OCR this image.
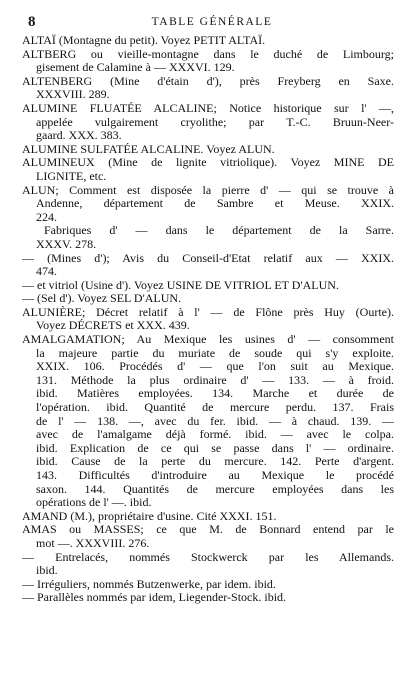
8	TABLE GÉNÉRALE
ALTAÏ (Montagne du petit). Voyez PETIT ALTAÏ.
ALTBERG ou vieille-montagne dans le duché de Limbourg;
gisement de Calamine à — XXXVI. 129.
ALTENBERG (Mine d'étain d'), près Freyberg en Saxe.
XXXVIII. 289.
ALUMINE FLUATÉE ALCALINE; Notice historique sur l' —,
appelée vulgairement cryolithe; par T.-C. Bruun-Neer-
gaard. XXX. 383.
ALUMINE SULFATÉE ALCALINE. Voyez ALUN.
ALUMINEUX (Mine de lignite vitriolique). Voyez MINE DE
LIGNITE, etc.
ALUN; Comment est disposée la pierre d' — qui se trouve à
Andenne, département de Sambre et Meuse. XXIX.
224.
Fabriques d' — dans le département de la Sarre.
XXXV. 278.
— (Mines d'); Avis du Conseil-d'Etat relatif aux — XXIX.
474.
— et vitriol (Usine d'). Voyez USINE DE VITRIOL ET D'ALUN.
— (Sel d'). Voyez SEL D'ALUN.
ALUNIÈRE; Décret relatif à l' — de Flône près Huy (Ourte).
Voyez DÉCRETS et XXX. 439.
AMALGAMATION; Au Mexique les usines d' — consomment
la majeure partie du muriate de soude qui s'y exploite.
XXIX. 106. Procédés d' — que l'on suit au Mexique.
131. Méthode la plus ordinaire d' — 133. — à froid.
ibid. Matières employées. 134. Marche et durée de
l'opération. ibid. Quantité de mercure perdu. 137. Frais
de l' — 138. —, avec du fer. ibid. — à chaud. 139. —
avec de l'amalgame déjà formé. ibid. — avec le colpa.
ibid. Explication de ce qui se passe dans l' — ordinaire.
ibid. Cause de la perte du mercure. 142. Perte d'argent.
143. Difficultés d'introduire au Mexique le procédé
saxon. 144. Quantités de mercure employées dans les
opérations de l' —. ibid.
AMAND (M.), propriétaire d'usine. Cité XXXI. 151.
AMAS ou MASSES; ce que M. de Bonnard entend par le
mot —. XXXVIII. 276.
— Entrelacés, nommés Stockwerck par les Allemands.
ibid.
— Irréguliers, nommés Butzenwerke, par idem. ibid.
— Parallèles nommés par idem, Liegender-Stock. ibid.
